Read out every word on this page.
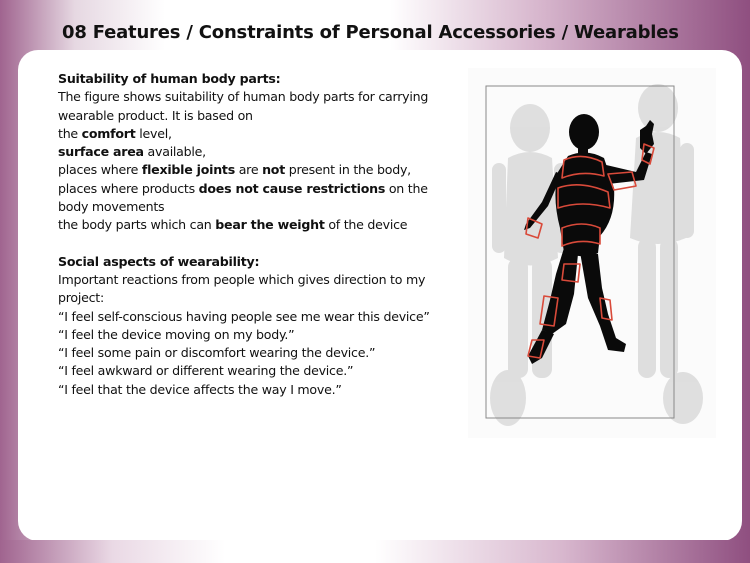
08 Features / Constraints of Personal Accessories / Wearables
Suitability of human body parts:
The figure shows suitability of human body parts for carrying
wearable product. It is based on
the comfort level,
surface area available,
places where flexible joints are not present in the body,
places where products does not cause restrictions on the
body movements
the body parts which can bear the weight of the device
Social aspects of wearability:
Important reactions from people which gives direction to my
project:
“I feel self-conscious having people see me wear this device”
“I feel the device moving on my body.”
“I feel some pain or discomfort wearing the device.”
“I feel awkward or different wearing the device.”
“I feel that the device affects the way I move.”
